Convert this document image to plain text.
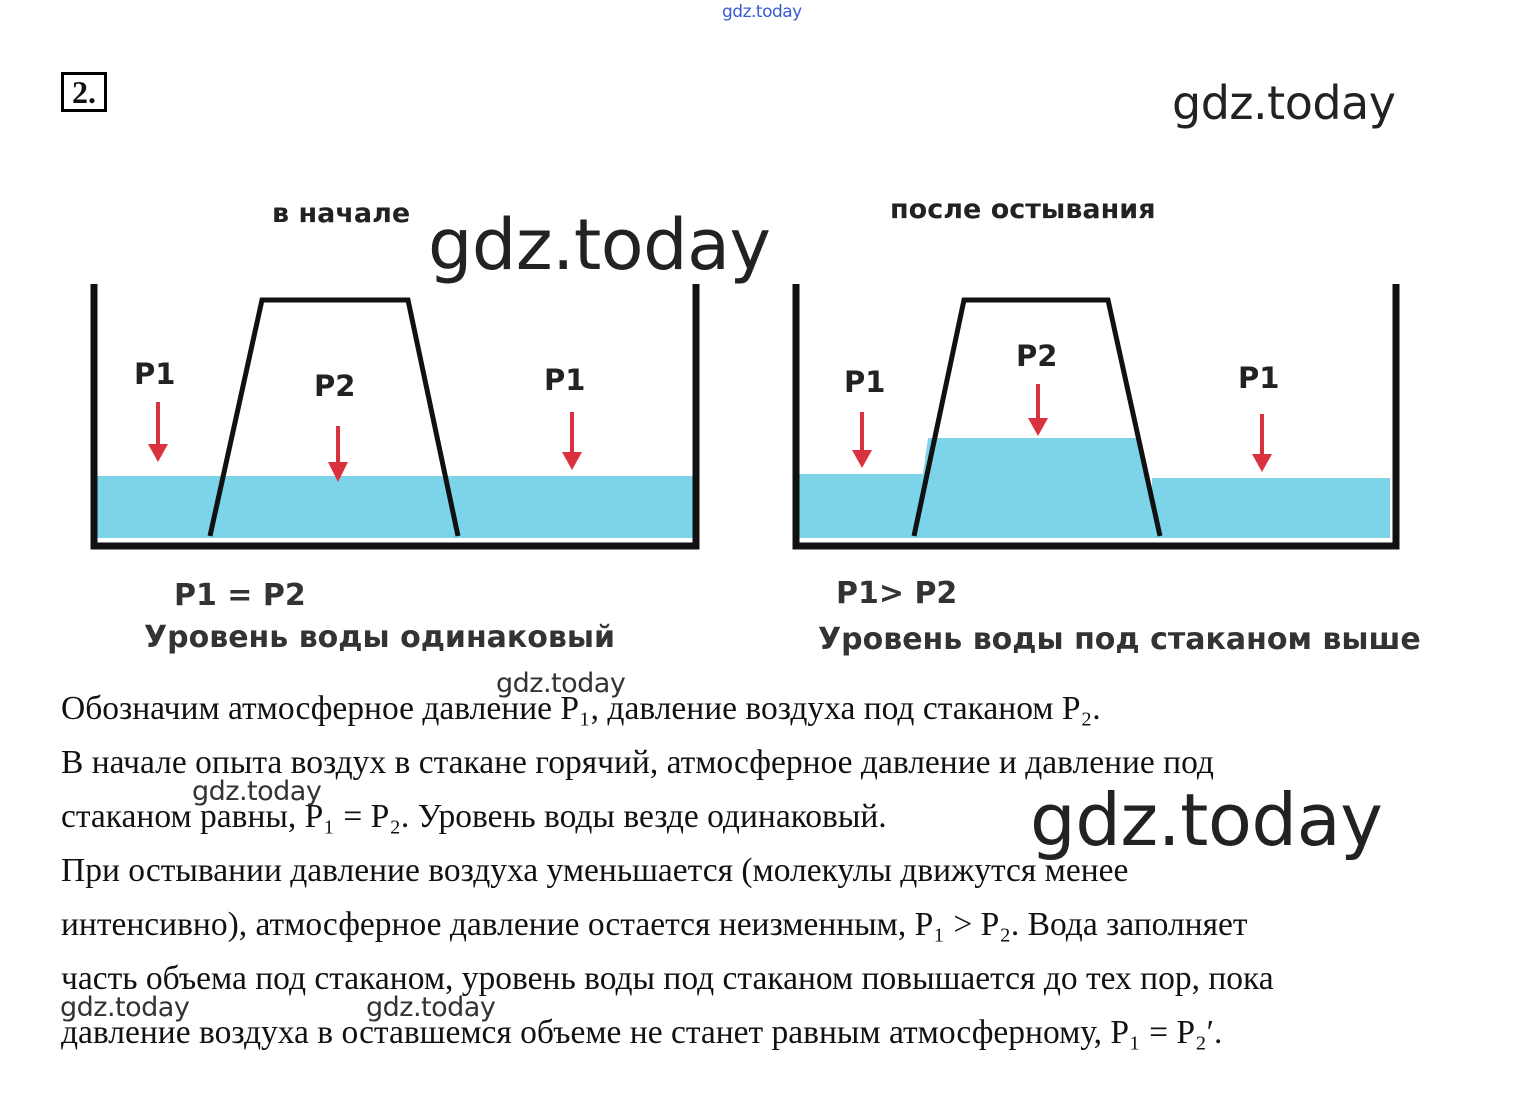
gdz.today
gdz.today
2.
в начале	после остывания
P1	P2	P1	P1
P2
P1
gdz.today
P1 = P2
Уровень воды одинаковый
P1> P2
Уровень воды под стаканом выше
Обозначим атмосферное давление P₁, давление воздуха под стаканом P₂.
В начале опыта воздух в стакане горячий, атмосферное давление и давление под
стаканом равны, P₁ = P₂. Уровень воды везде одинаковый.
При остывании давление воздуха уменьшается (молекулы движутся менее
интенсивно), атмосферное давление остается неизменным, P₁ > P₂. Вода заполняет
часть объема под стаканом, уровень воды под стаканом повышается до тех пор, пока
давление воздуха в оставшемся объеме не станет равным атмосферному, P₁ = P₂′.
gdz.today
gdz.today	gdz.today
gdz.today	gdz.today
